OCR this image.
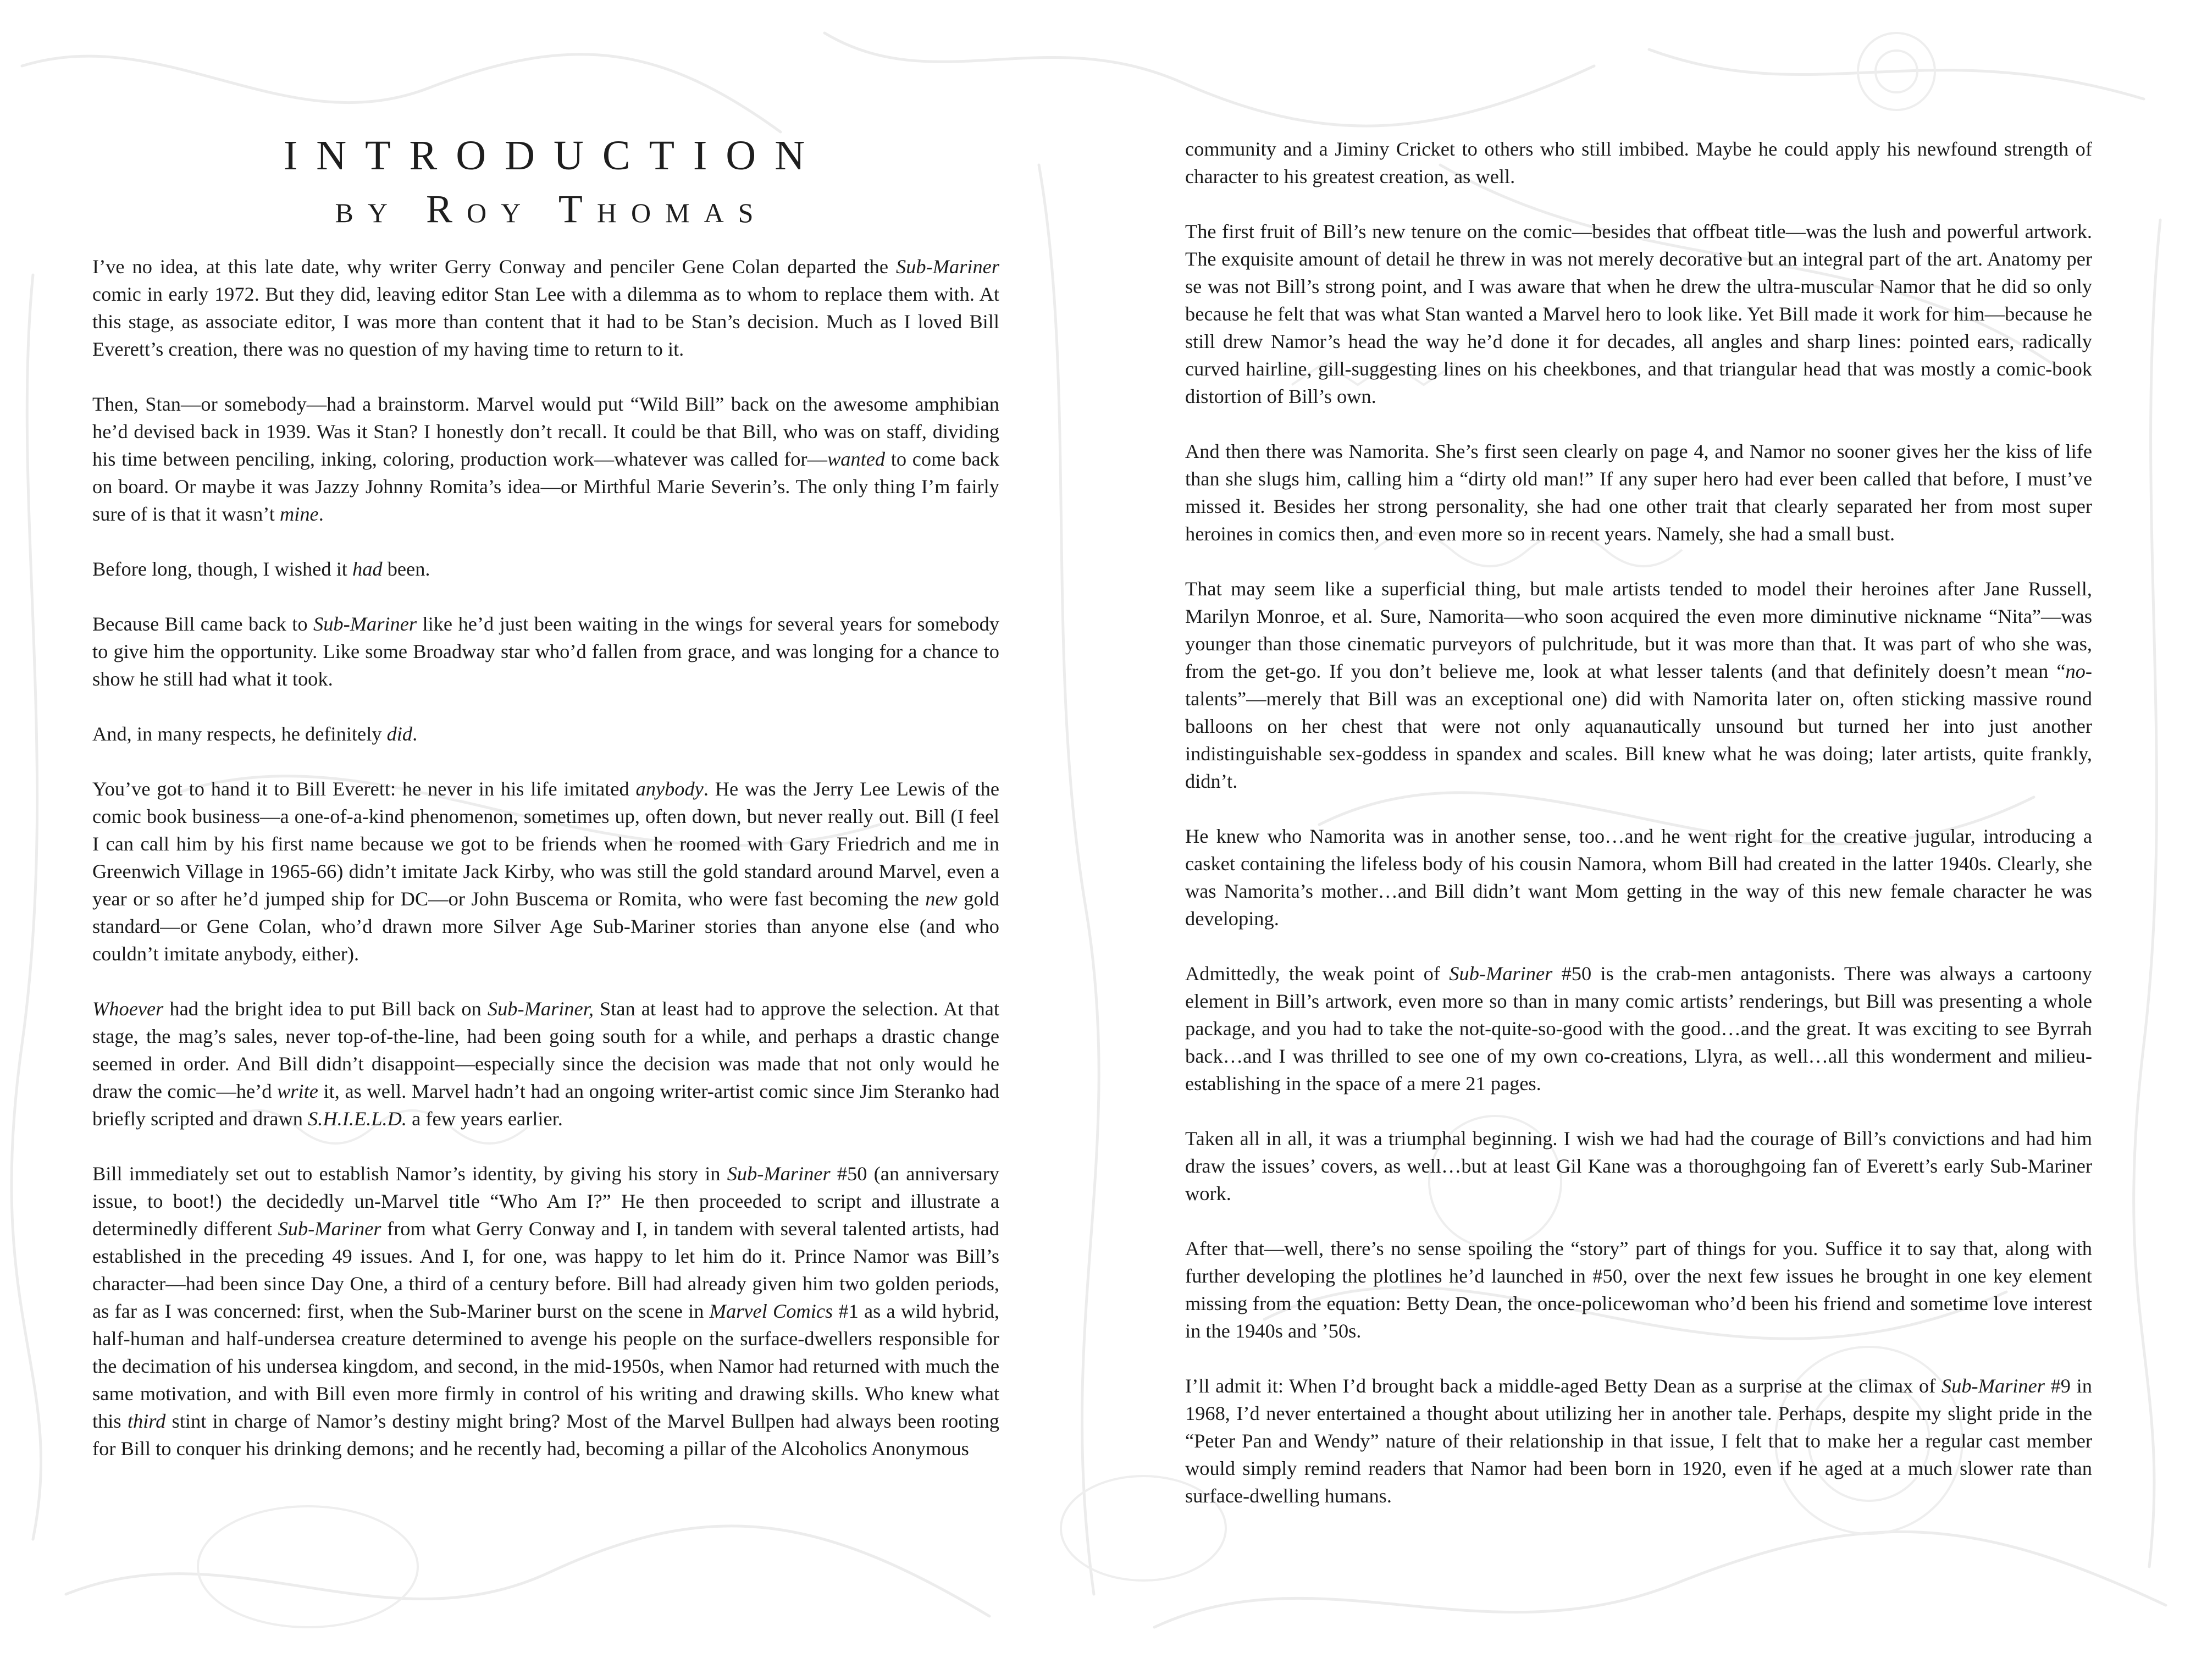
INTRODUCTION
by Roy Thomas

I’ve no idea, at this late date, why writer Gerry Conway and penciler Gene Colan departed the Sub-Mariner comic in early 1972. But they did, leaving editor Stan Lee with a dilemma as to whom to replace them with. At this stage, as associate editor, I was more than content that it had to be Stan’s decision. Much as I loved Bill Everett’s creation, there was no question of my having time to return to it.

Then, Stan—or somebody—had a brainstorm. Marvel would put “Wild Bill” back on the awesome amphibian he’d devised back in 1939. Was it Stan? I honestly don’t recall. It could be that Bill, who was on staff, dividing his time between penciling, inking, coloring, production work—whatever was called for—wanted to come back on board. Or maybe it was Jazzy Johnny Romita’s idea—or Mirthful Marie Severin’s. The only thing I’m fairly sure of is that it wasn’t mine.

Before long, though, I wished it had been.

Because Bill came back to Sub-Mariner like he’d just been waiting in the wings for several years for somebody to give him the opportunity. Like some Broadway star who’d fallen from grace, and was longing for a chance to show he still had what it took.

And, in many respects, he definitely did.

You’ve got to hand it to Bill Everett: he never in his life imitated anybody. He was the Jerry Lee Lewis of the comic book business—a one-of-a-kind phenomenon, sometimes up, often down, but never really out. Bill (I feel I can call him by his first name because we got to be friends when he roomed with Gary Friedrich and me in Greenwich Village in 1965-66) didn’t imitate Jack Kirby, who was still the gold standard around Marvel, even a year or so after he’d jumped ship for DC—or John Buscema or Romita, who were fast becoming the new gold standard—or Gene Colan, who’d drawn more Silver Age Sub-Mariner stories than anyone else (and who couldn’t imitate anybody, either).

Whoever had the bright idea to put Bill back on Sub-Mariner, Stan at least had to approve the selection. At that stage, the mag’s sales, never top-of-the-line, had been going south for a while, and perhaps a drastic change seemed in order. And Bill didn’t disappoint—especially since the decision was made that not only would he draw the comic—he’d write it, as well. Marvel hadn’t had an ongoing writer-artist comic since Jim Steranko had briefly scripted and drawn S.H.I.E.L.D. a few years earlier.

Bill immediately set out to establish Namor’s identity, by giving his story in Sub-Mariner #50 (an anniversary issue, to boot!) the decidedly un-Marvel title “Who Am I?” He then proceeded to script and illustrate a determinedly different Sub-Mariner from what Gerry Conway and I, in tandem with several talented artists, had established in the preceding 49 issues. And I, for one, was happy to let him do it. Prince Namor was Bill’s character—had been since Day One, a third of a century before. Bill had already given him two golden periods, as far as I was concerned: first, when the Sub-Mariner burst on the scene in Marvel Comics #1 as a wild hybrid, half-human and half-undersea creature determined to avenge his people on the surface-dwellers responsible for the decimation of his undersea kingdom, and second, in the mid-1950s, when Namor had returned with much the same motivation, and with Bill even more firmly in control of his writing and drawing skills. Who knew what this third stint in charge of Namor’s destiny might bring? Most of the Marvel Bullpen had always been rooting for Bill to conquer his drinking demons; and he recently had, becoming a pillar of the Alcoholics Anonymous

community and a Jiminy Cricket to others who still imbibed. Maybe he could apply his newfound strength of character to his greatest creation, as well.

The first fruit of Bill’s new tenure on the comic—besides that offbeat title—was the lush and powerful artwork. The exquisite amount of detail he threw in was not merely decorative but an integral part of the art. Anatomy per se was not Bill’s strong point, and I was aware that when he drew the ultra-muscular Namor that he did so only because he felt that was what Stan wanted a Marvel hero to look like. Yet Bill made it work for him—because he still drew Namor’s head the way he’d done it for decades, all angles and sharp lines: pointed ears, radically curved hairline, gill-suggesting lines on his cheekbones, and that triangular head that was mostly a comic-book distortion of Bill’s own.

And then there was Namorita. She’s first seen clearly on page 4, and Namor no sooner gives her the kiss of life than she slugs him, calling him a “dirty old man!” If any super hero had ever been called that before, I must’ve missed it. Besides her strong personality, she had one other trait that clearly separated her from most super heroines in comics then, and even more so in recent years. Namely, she had a small bust.

That may seem like a superficial thing, but male artists tended to model their heroines after Jane Russell, Marilyn Monroe, et al. Sure, Namorita—who soon acquired the even more diminutive nickname “Nita”—was younger than those cinematic purveyors of pulchritude, but it was more than that. It was part of who she was, from the get-go. If you don’t believe me, look at what lesser talents (and that definitely doesn’t mean “no-talents”—merely that Bill was an exceptional one) did with Namorita later on, often sticking massive round balloons on her chest that were not only aquanautically unsound but turned her into just another indistinguishable sex-goddess in spandex and scales. Bill knew what he was doing; later artists, quite frankly, didn’t.

He knew who Namorita was in another sense, too…and he went right for the creative jugular, introducing a casket containing the lifeless body of his cousin Namora, whom Bill had created in the latter 1940s. Clearly, she was Namorita’s mother…and Bill didn’t want Mom getting in the way of this new female character he was developing.

Admittedly, the weak point of Sub-Mariner #50 is the crab-men antagonists. There was always a cartoony element in Bill’s artwork, even more so than in many comic artists’ renderings, but Bill was presenting a whole package, and you had to take the not-quite-so-good with the good…and the great. It was exciting to see Byrrah back…and I was thrilled to see one of my own co-creations, Llyra, as well…all this wonderment and milieu-establishing in the space of a mere 21 pages.

Taken all in all, it was a triumphal beginning. I wish we had had the courage of Bill’s convictions and had him draw the issues’ covers, as well…but at least Gil Kane was a thoroughgoing fan of Everett’s early Sub-Mariner work.

After that—well, there’s no sense spoiling the “story” part of things for you. Suffice it to say that, along with further developing the plotlines he’d launched in #50, over the next few issues he brought in one key element missing from the equation: Betty Dean, the once-policewoman who’d been his friend and sometime love interest in the 1940s and ’50s.

I’ll admit it: When I’d brought back a middle-aged Betty Dean as a surprise at the climax of Sub-Mariner #9 in 1968, I’d never entertained a thought about utilizing her in another tale. Perhaps, despite my slight pride in the “Peter Pan and Wendy” nature of their relationship in that issue, I felt that to make her a regular cast member would simply remind readers that Namor had been born in 1920, even if he aged at a much slower rate than surface-dwelling humans.
